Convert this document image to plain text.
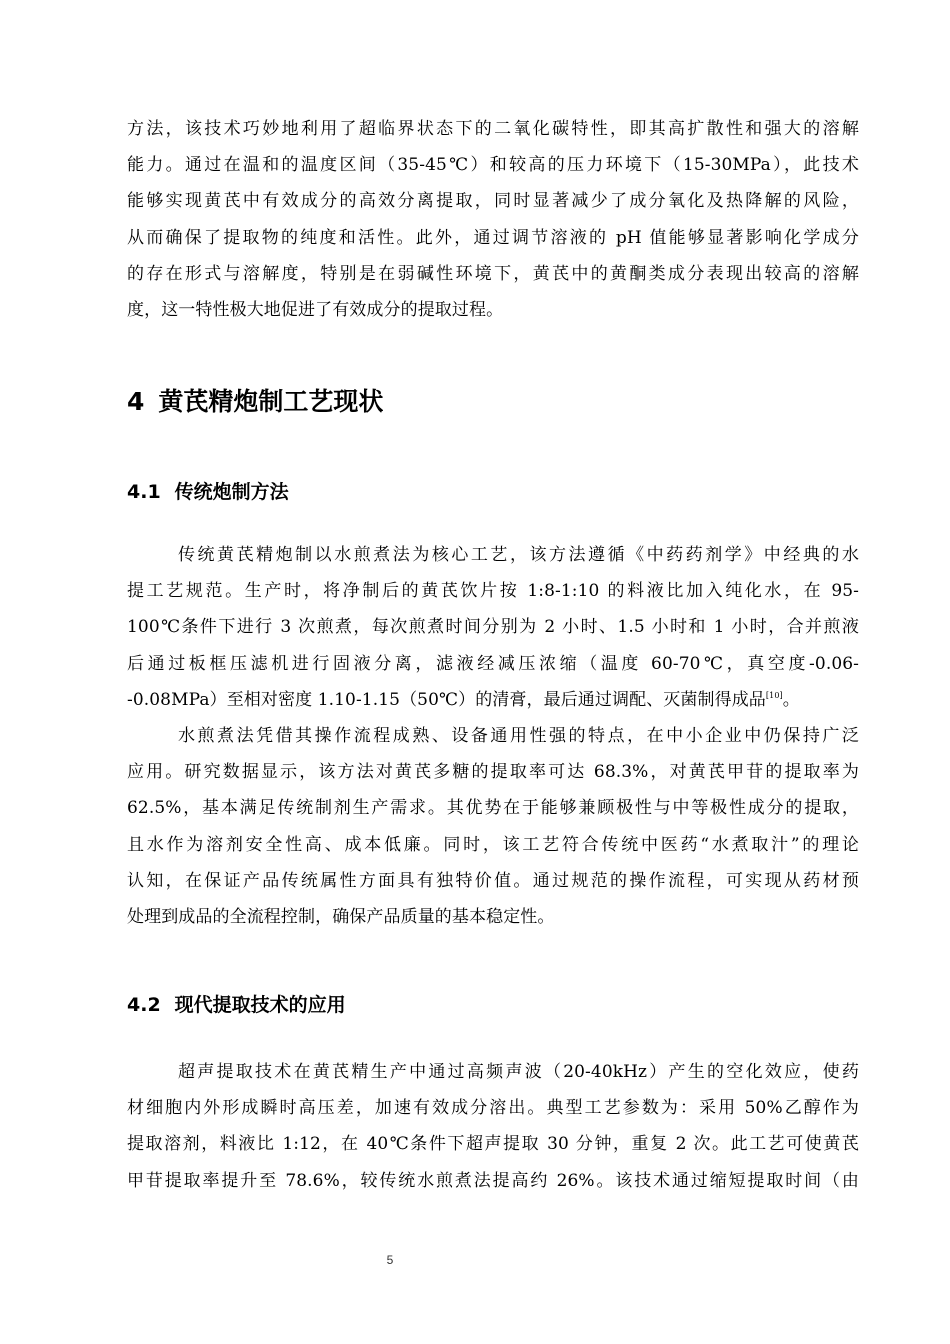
方法，该技术巧妙地利用了超临界状态下的二氧化碳特性，即其高扩散性和强大的溶解
能力。通过在温和的温度区间（35-45℃）和较高的压力环境下（15-30MPa），此技术
能够实现黄芪中有效成分的高效分离提取，同时显著减少了成分氧化及热降解的风险，
从而确保了提取物的纯度和活性。此外，通过调节溶液的 pH 值能够显著影响化学成分
的存在形式与溶解度，特别是在弱碱性环境下，黄芪中的黄酮类成分表现出较高的溶解
度，这一特性极大地促进了有效成分的提取过程。
4 黄芪精炮制工艺现状
4.1 传统炮制方法
传统黄芪精炮制以水煎煮法为核心工艺，该方法遵循《中药药剂学》中经典的水
提工艺规范。生产时，将净制后的黄芪饮片按 1:8-1:10 的料液比加入纯化水，在 95-
100℃条件下进行 3 次煎煮，每次煎煮时间分别为 2 小时、1.5 小时和 1 小时，合并煎液
后通过板框压滤机进行固液分离，滤液经减压浓缩（温度 60-70℃，真空度-0.06-
-0.08MPa）至相对密度 1.10-1.15（50℃）的清膏，最后通过调配、灭菌制得成品[10]。
水煎煮法凭借其操作流程成熟、设备通用性强的特点，在中小企业中仍保持广泛
应用。研究数据显示，该方法对黄芪多糖的提取率可达 68.3%，对黄芪甲苷的提取率为
62.5%，基本满足传统制剂生产需求。其优势在于能够兼顾极性与中等极性成分的提取，
且水作为溶剂安全性高、成本低廉。同时，该工艺符合传统中医药“水煮取汁”的理论
认知，在保证产品传统属性方面具有独特价值。通过规范的操作流程，可实现从药材预
处理到成品的全流程控制，确保产品质量的基本稳定性。
4.2 现代提取技术的应用
超声提取技术在黄芪精生产中通过高频声波（20-40kHz）产生的空化效应，使药
材细胞内外形成瞬时高压差，加速有效成分溶出。典型工艺参数为：采用 50%乙醇作为
提取溶剂，料液比 1:12，在 40℃条件下超声提取 30 分钟，重复 2 次。此工艺可使黄芪
甲苷提取率提升至 78.6%，较传统水煎煮法提高约 26%。该技术通过缩短提取时间（由
5
